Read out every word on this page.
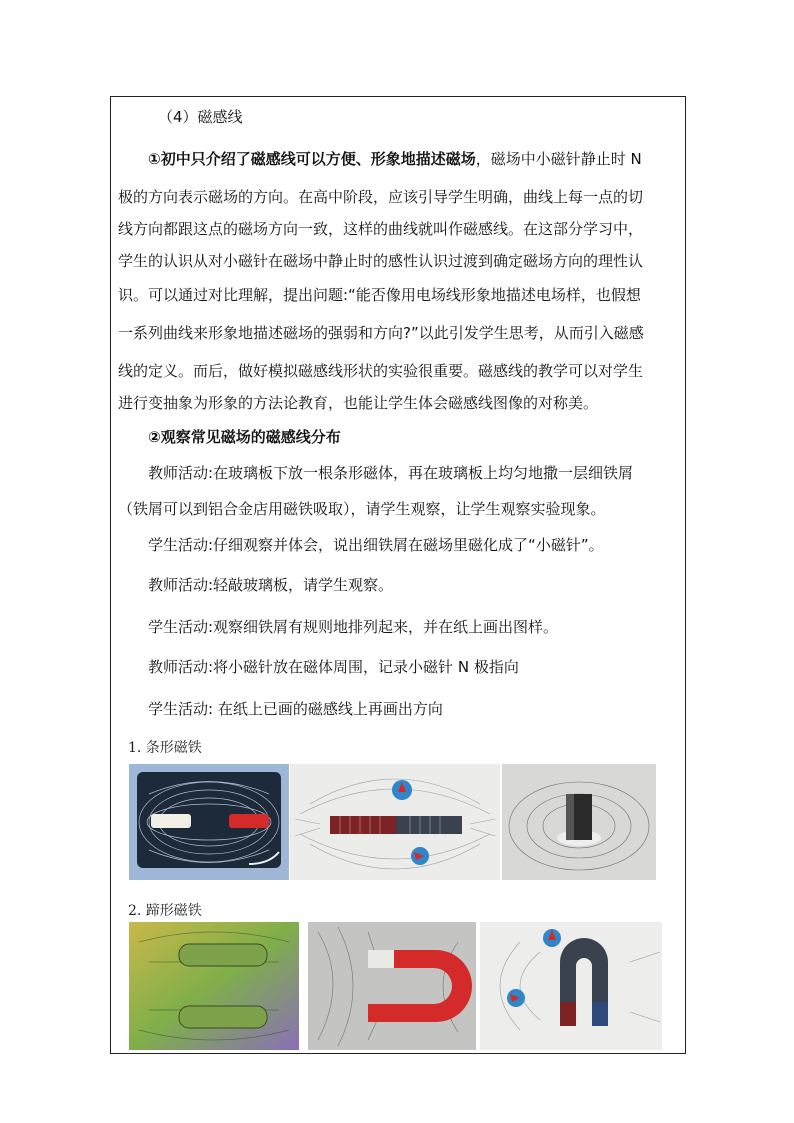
（4）磁感线
①初中只介绍了磁感线可以方便、形象地描述磁场，磁场中小磁针静止时 N
极的方向表示磁场的方向。在高中阶段，应该引导学生明确，曲线上每一点的切
线方向都跟这点的磁场方向一致，这样的曲线就叫作磁感线。在这部分学习中，
学生的认识从对小磁针在磁场中静止时的感性认识过渡到确定磁场方向的理性认
识。可以通过对比理解，提出问题:“能否像用电场线形象地描述电场样，也假想
一系列曲线来形象地描述磁场的强弱和方向?”以此引发学生思考，从而引入磁感
线的定义。而后，做好模拟磁感线形状的实验很重要。磁感线的教学可以对学生
进行变抽象为形象的方法论教育，也能让学生体会磁感线图像的对称美。
②观察常见磁场的磁感线分布
教师活动:在玻璃板下放一根条形磁体，再在玻璃板上均匀地撒一层细铁屑
（铁屑可以到铝合金店用磁铁吸取），请学生观察，让学生观察实验现象。
学生活动:仔细观察并体会，说出细铁屑在磁场里磁化成了“小磁针”。
教师活动:轻敲玻璃板，请学生观察。
学生活动:观察细铁屑有规则地排列起来，并在纸上画出图样。
教师活动:将小磁针放在磁体周围，记录小磁针 N 极指向
学生活动: 在纸上已画的磁感线上再画出方向
1. 条形磁铁
2. 蹄形磁铁
